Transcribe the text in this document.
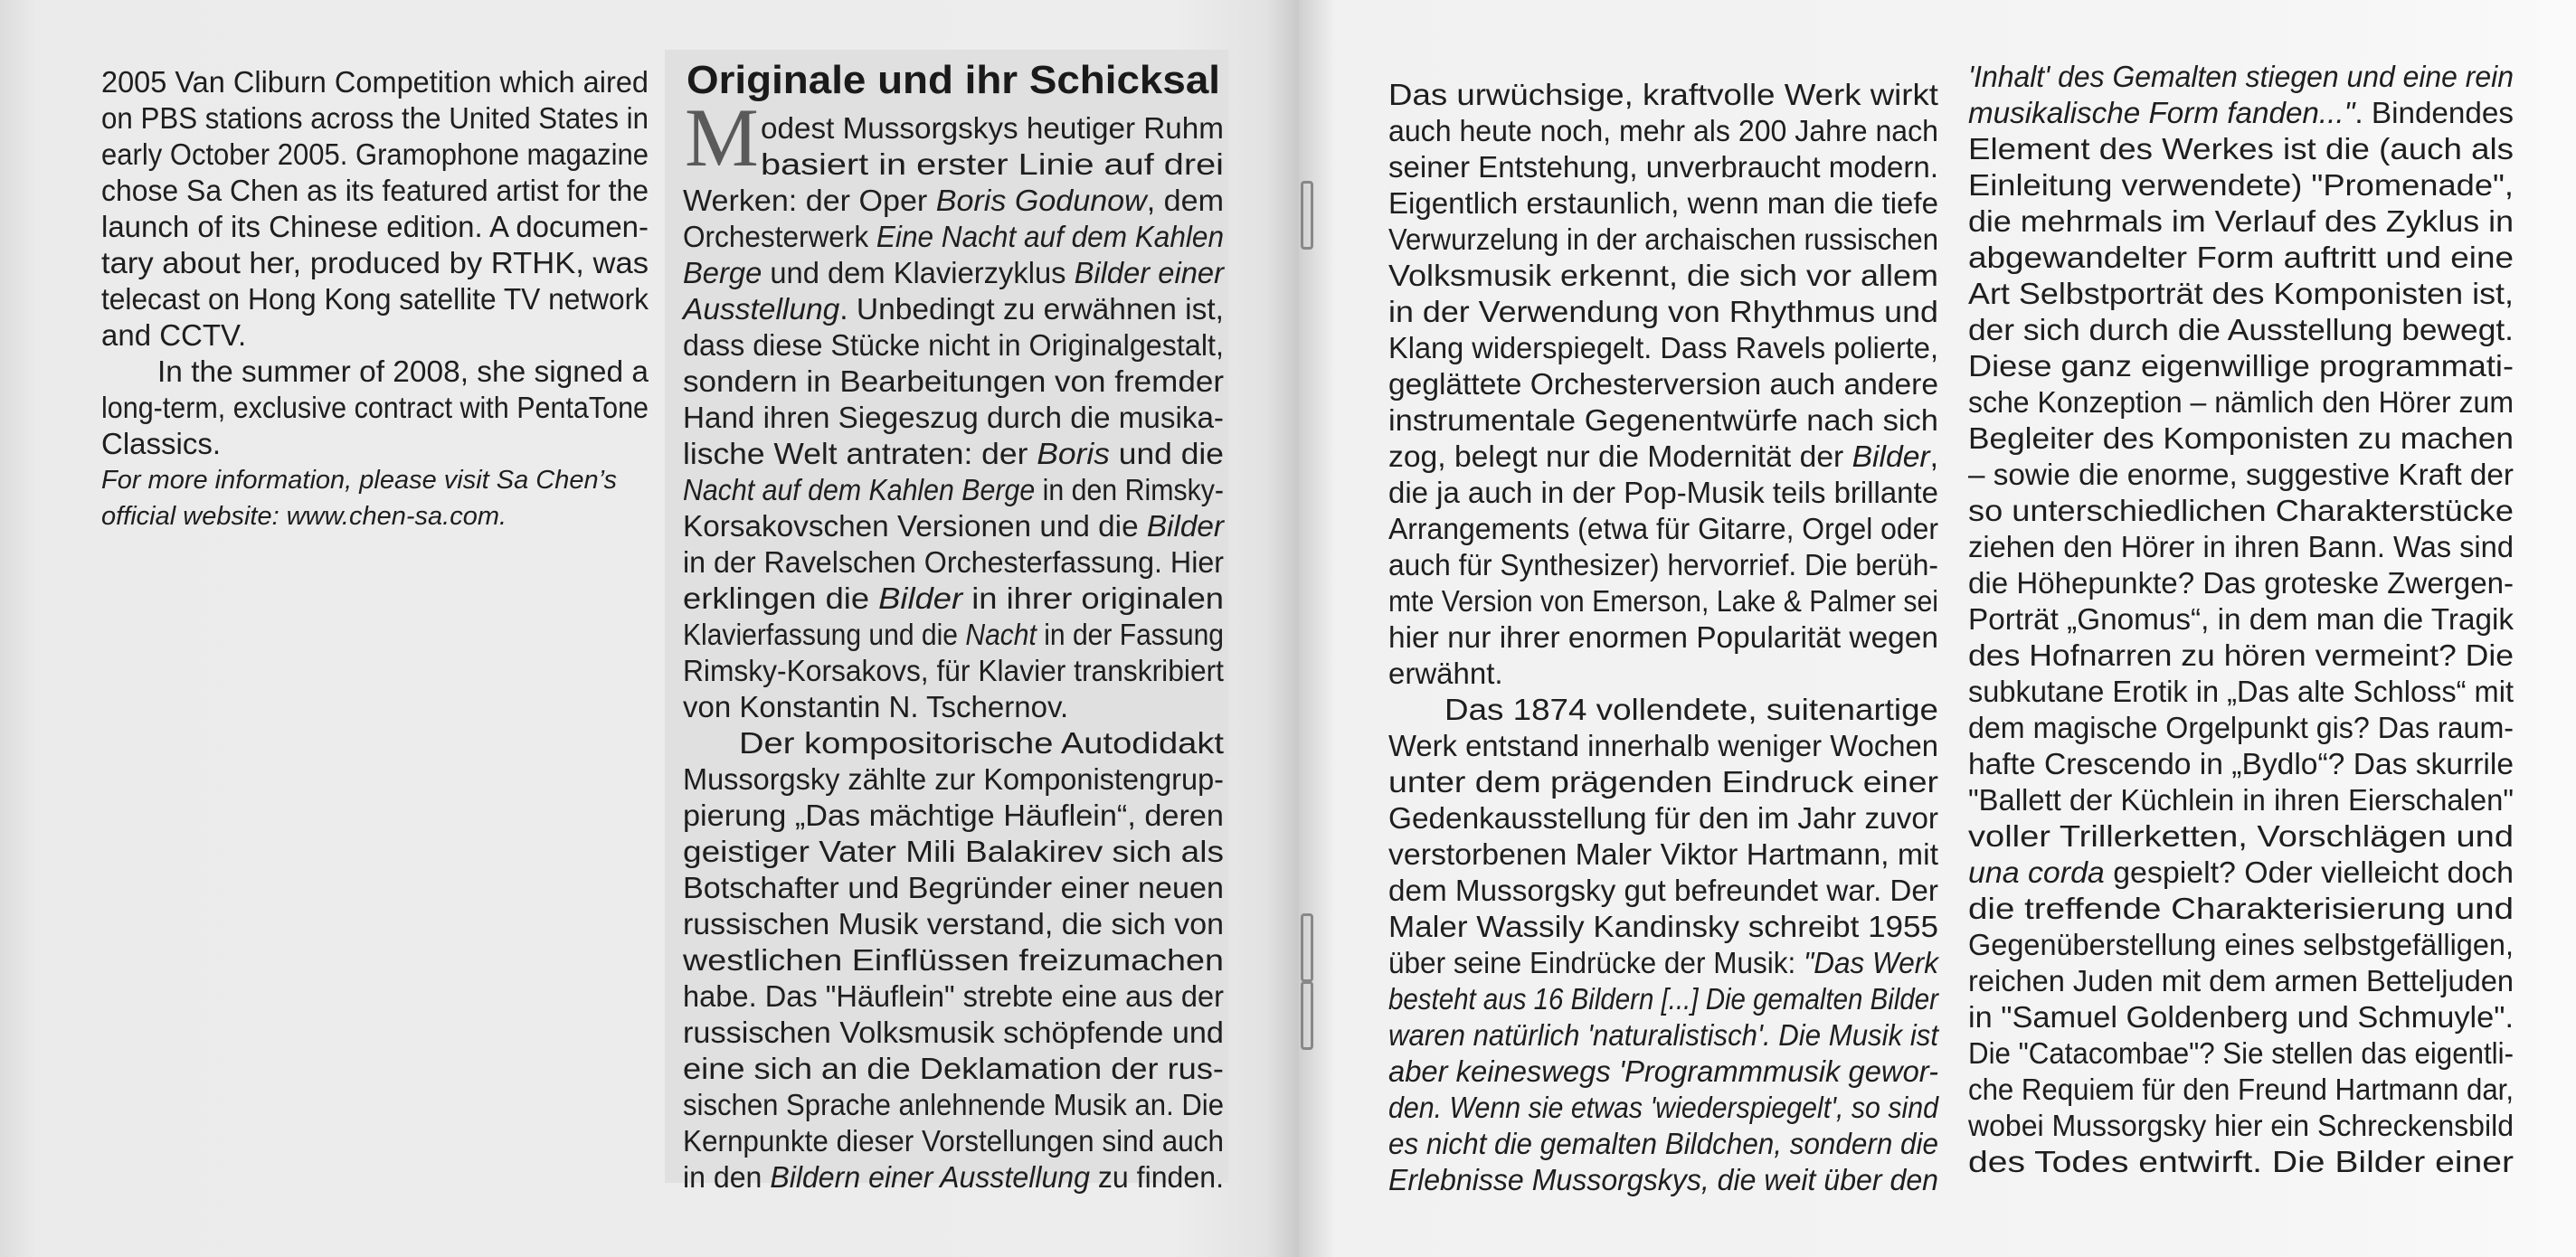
Originale und ihr Schicksal
M
2005 Van Cliburn Competition which aired
on PBS stations across the United States in
early October 2005. Gramophone magazine
chose Sa Chen as its featured artist for the
launch of its Chinese edition. A documen-
tary about her, produced by RTHK, was
telecast on Hong Kong satellite TV network
and CCTV.
In the summer of 2008, she signed a
long-term, exclusive contract with PentaTone
Classics.
For more information, please visit Sa Chen’s
official website: www.chen-sa.com.
odest Mussorgskys heutiger Ruhm
basiert in erster Linie auf drei
Werken: der Oper Boris Godunow, dem
Orchesterwerk Eine Nacht auf dem Kahlen
Berge und dem Klavierzyklus Bilder einer
Ausstellung. Unbedingt zu erwähnen ist,
dass diese Stücke nicht in Originalgestalt,
sondern in Bearbeitungen von fremder
Hand ihren Siegeszug durch die musika-
lische Welt antraten: der Boris und die
Nacht auf dem Kahlen Berge in den Rimsky-
Korsakovschen Versionen und die Bilder
in der Ravelschen Orchesterfassung. Hier
erklingen die Bilder in ihrer originalen
Klavierfassung und die Nacht in der Fassung
Rimsky-Korsakovs, für Klavier transkribiert
von Konstantin N. Tschernov.
Der kompositorische Autodidakt
Mussorgsky zählte zur Komponistengrup-
pierung „Das mächtige Häuflein“, deren
geistiger Vater Mili Balakirev sich als
Botschafter und Begründer einer neuen
russischen Musik verstand, die sich von
westlichen Einflüssen freizumachen
habe. Das "Häuflein" strebte eine aus der
russischen Volksmusik schöpfende und
eine sich an die Deklamation der rus-
sischen Sprache anlehnende Musik an. Die
Kernpunkte dieser Vorstellungen sind auch
in den Bildern einer Ausstellung zu finden.
Das urwüchsige, kraftvolle Werk wirkt
auch heute noch, mehr als 200 Jahre nach
seiner Entstehung, unverbraucht modern.
Eigentlich erstaunlich, wenn man die tiefe
Verwurzelung in der archaischen russischen
Volksmusik erkennt, die sich vor allem
in der Verwendung von Rhythmus und
Klang widerspiegelt. Dass Ravels polierte,
geglättete Orchesterversion auch andere
instrumentale Gegenentwürfe nach sich
zog, belegt nur die Modernität der Bilder,
die ja auch in der Pop-Musik teils brillante
Arrangements (etwa für Gitarre, Orgel oder
auch für Synthesizer) hervorrief. Die berüh-
mte Version von Emerson, Lake & Palmer sei
hier nur ihrer enormen Popularität wegen
erwähnt.
Das 1874 vollendete, suitenartige
Werk entstand innerhalb weniger Wochen
unter dem prägenden Eindruck einer
Gedenkausstellung für den im Jahr zuvor
verstorbenen Maler Viktor Hartmann, mit
dem Mussorgsky gut befreundet war. Der
Maler Wassily Kandinsky schreibt 1955
über seine Eindrücke der Musik: "Das Werk
besteht aus 16 Bildern [...] Die gemalten Bilder
waren natürlich 'naturalistisch'. Die Musik ist
aber keineswegs 'Programmmusik gewor-
den. Wenn sie etwas 'wiederspiegelt', so sind
es nicht die gemalten Bildchen, sondern die
Erlebnisse Mussorgskys, die weit über den
'Inhalt' des Gemalten stiegen und eine rein
musikalische Form fanden...". Bindendes
Element des Werkes ist die (auch als
Einleitung verwendete) "Promenade",
die mehrmals im Verlauf des Zyklus in
abgewandelter Form auftritt und eine
Art Selbstporträt des Komponisten ist,
der sich durch die Ausstellung bewegt.
Diese ganz eigenwillige programmati-
sche Konzeption – nämlich den Hörer zum
Begleiter des Komponisten zu machen
– sowie die enorme, suggestive Kraft der
so unterschiedlichen Charakterstücke
ziehen den Hörer in ihren Bann. Was sind
die Höhepunkte? Das groteske Zwergen-
Porträt „Gnomus“, in dem man die Tragik
des Hofnarren zu hören vermeint? Die
subkutane Erotik in „Das alte Schloss“ mit
dem magische Orgelpunkt gis? Das raum-
hafte Crescendo in „Bydlo“? Das skurrile
"Ballett der Küchlein in ihren Eierschalen"
voller Trillerketten, Vorschlägen und
una corda gespielt? Oder vielleicht doch
die treffende Charakterisierung und
Gegenüberstellung eines selbstgefälligen,
reichen Juden mit dem armen Betteljuden
in "Samuel Goldenberg und Schmuyle".
Die "Catacombae"? Sie stellen das eigentli-
che Requiem für den Freund Hartmann dar,
wobei Mussorgsky hier ein Schreckensbild
des Todes entwirft. Die Bilder einer
